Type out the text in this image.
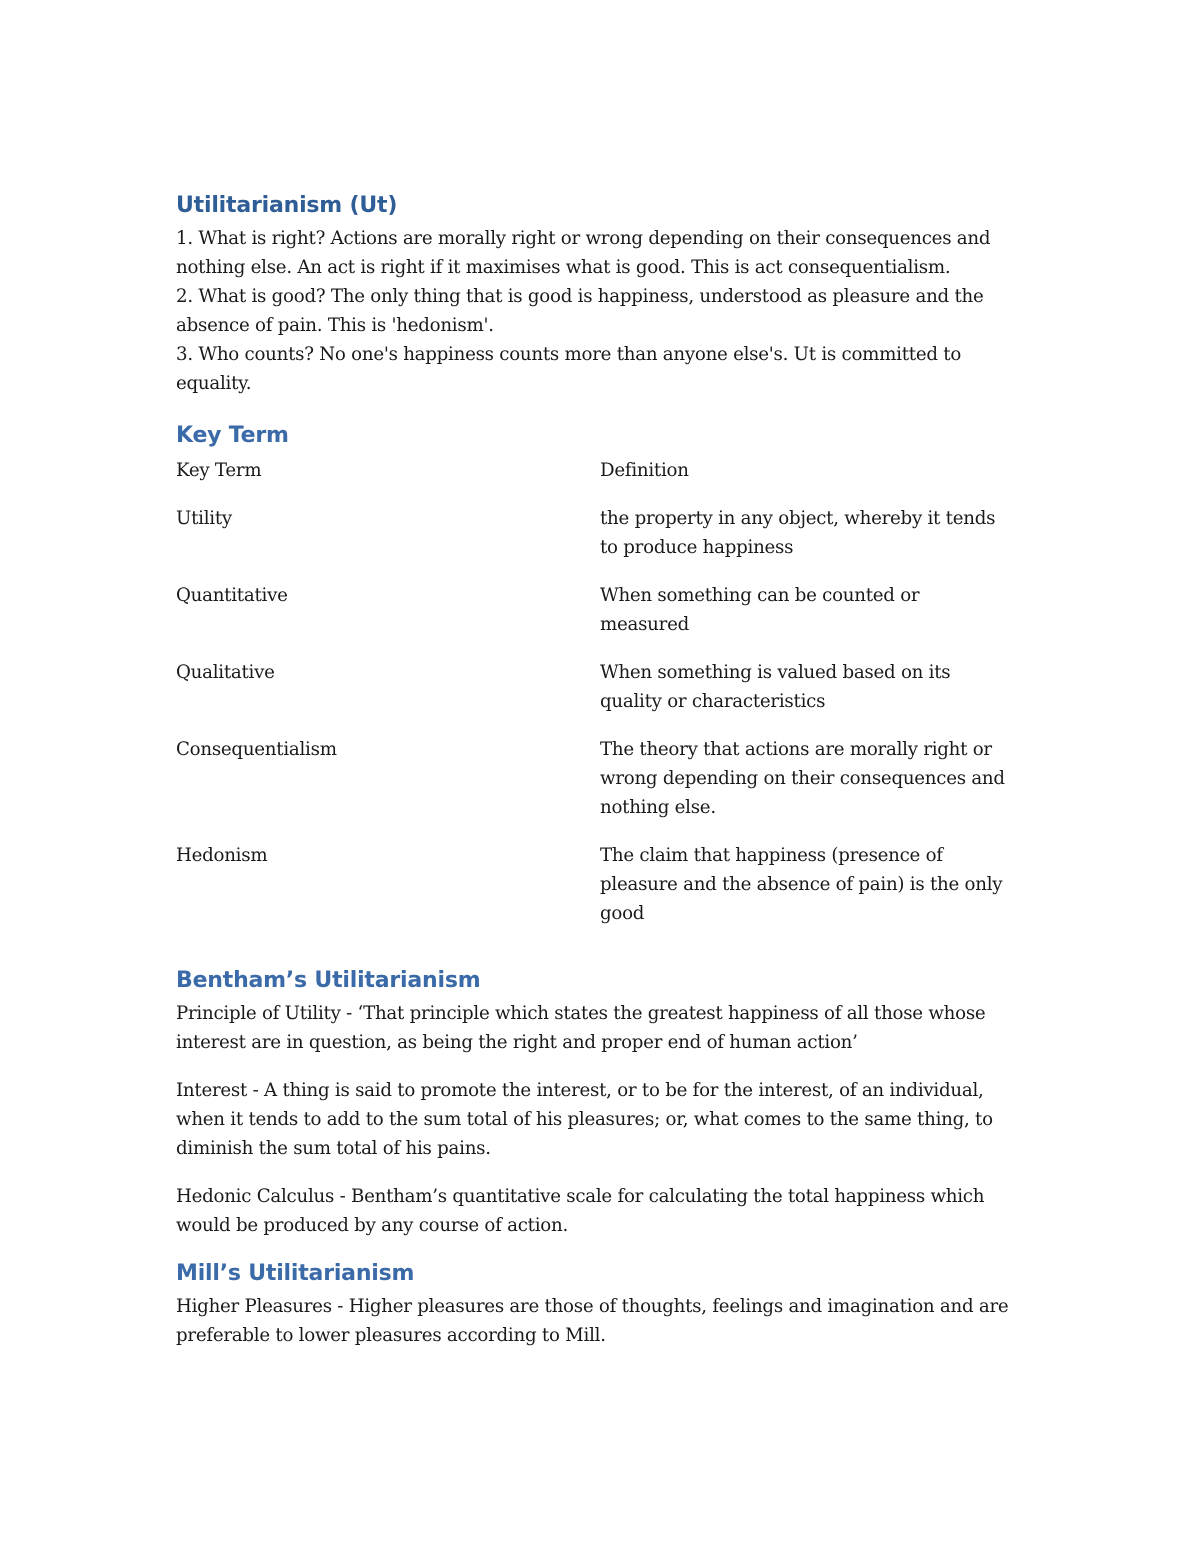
Utilitarianism (Ut)
1. What is right? Actions are morally right or wrong depending on their consequences and nothing else. An act is right if it maximises what is good. This is act consequentialism.
2. What is good? The only thing that is good is happiness, understood as pleasure and the absence of pain. This is 'hedonism'.
3. Who counts? No one's happiness counts more than anyone else's. Ut is committed to equality.
Key Term
Key Term	Definition
Utility	the property in any object, whereby it tends to produce happiness
Quantitative	When something can be counted or measured
Qualitative	When something is valued based on its quality or characteristics
Consequentialism	The theory that actions are morally right or wrong depending on their consequences and nothing else.
Hedonism	The claim that happiness (presence of pleasure and the absence of pain) is the only good
Bentham’s Utilitarianism

Principle of Utility - ‘That principle which states the greatest happiness of all those whose interest are in question, as being the right and proper end of human action’

Interest - A thing is said to promote the interest, or to be for the interest, of an individual, when it tends to add to the sum total of his pleasures; or, what comes to the same thing, to diminish the sum total of his pains.

Hedonic Calculus - Bentham’s quantitative scale for calculating the total happiness which would be produced by any course of action.

Mill’s Utilitarianism

Higher Pleasures - Higher pleasures are those of thoughts, feelings and imagination and are preferable to lower pleasures according to Mill.
